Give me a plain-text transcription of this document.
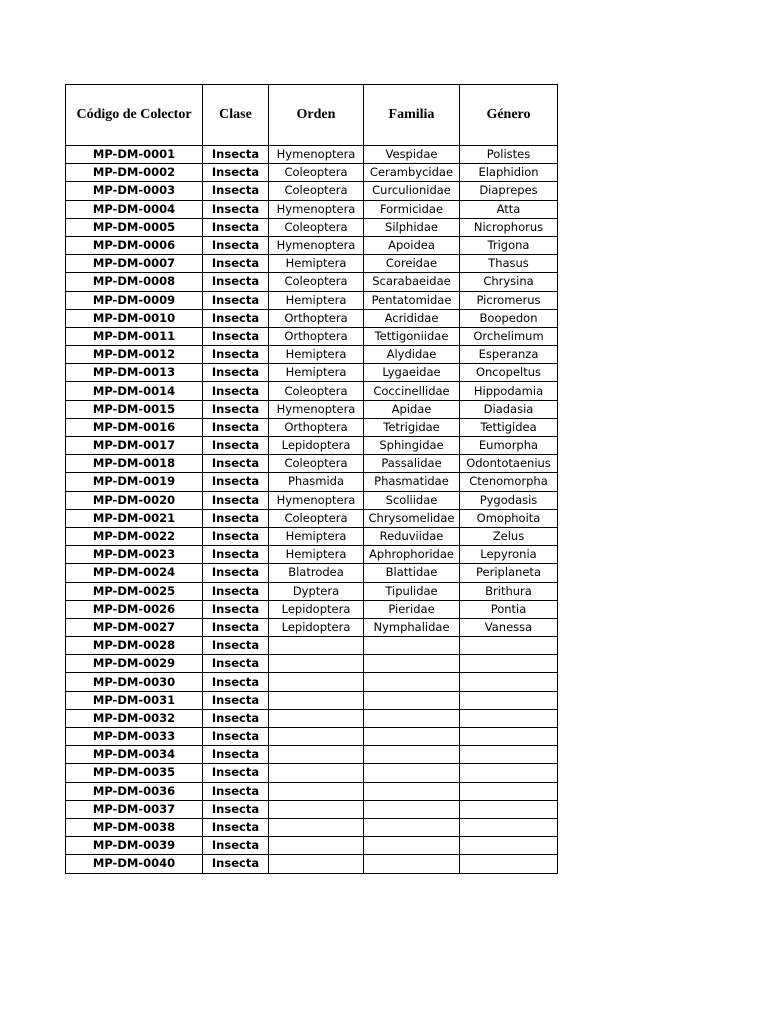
Código de Colector	Clase	Orden	Familia	Género
MP-DM-0001	Insecta	Hymenoptera	Vespidae	Polistes
MP-DM-0002	Insecta	Coleoptera	Cerambycidae	Elaphidion
MP-DM-0003	Insecta	Coleoptera	Curculionidae	Diaprepes
MP-DM-0004	Insecta	Hymenoptera	Formicidae	Atta
MP-DM-0005	Insecta	Coleoptera	Silphidae	Nicrophorus
MP-DM-0006	Insecta	Hymenoptera	Apoidea	Trigona
MP-DM-0007	Insecta	Hemiptera	Coreidae	Thasus
MP-DM-0008	Insecta	Coleoptera	Scarabaeidae	Chrysina
MP-DM-0009	Insecta	Hemiptera	Pentatomidae	Picromerus
MP-DM-0010	Insecta	Orthoptera	Acrididae	Boopedon
MP-DM-0011	Insecta	Orthoptera	Tettigoniidae	Orchelimum
MP-DM-0012	Insecta	Hemiptera	Alydidae	Esperanza
MP-DM-0013	Insecta	Hemiptera	Lygaeidae	Oncopeltus
MP-DM-0014	Insecta	Coleoptera	Coccinellidae	Hippodamia
MP-DM-0015	Insecta	Hymenoptera	Apidae	Diadasia
MP-DM-0016	Insecta	Orthoptera	Tetrigidae	Tettigidea
MP-DM-0017	Insecta	Lepidoptera	Sphingidae	Eumorpha
MP-DM-0018	Insecta	Coleoptera	Passalidae	Odontotaenius
MP-DM-0019	Insecta	Phasmida	Phasmatidae	Ctenomorpha
MP-DM-0020	Insecta	Hymenoptera	Scoliidae	Pygodasis
MP-DM-0021	Insecta	Coleoptera	Chrysomelidae	Omophoita
MP-DM-0022	Insecta	Hemiptera	Reduviidae	Zelus
MP-DM-0023	Insecta	Hemiptera	Aphrophoridae	Lepyronia
MP-DM-0024	Insecta	Blatrodea	Blattidae	Periplaneta
MP-DM-0025	Insecta	Dyptera	Tipulidae	Brithura
MP-DM-0026	Insecta	Lepidoptera	Pieridae	Pontia
MP-DM-0027	Insecta	Lepidoptera	Nymphalidae	Vanessa
MP-DM-0028	Insecta			
MP-DM-0029	Insecta			
MP-DM-0030	Insecta			
MP-DM-0031	Insecta			
MP-DM-0032	Insecta			
MP-DM-0033	Insecta			
MP-DM-0034	Insecta			
MP-DM-0035	Insecta			
MP-DM-0036	Insecta			
MP-DM-0037	Insecta			
MP-DM-0038	Insecta			
MP-DM-0039	Insecta			
MP-DM-0040	Insecta			
